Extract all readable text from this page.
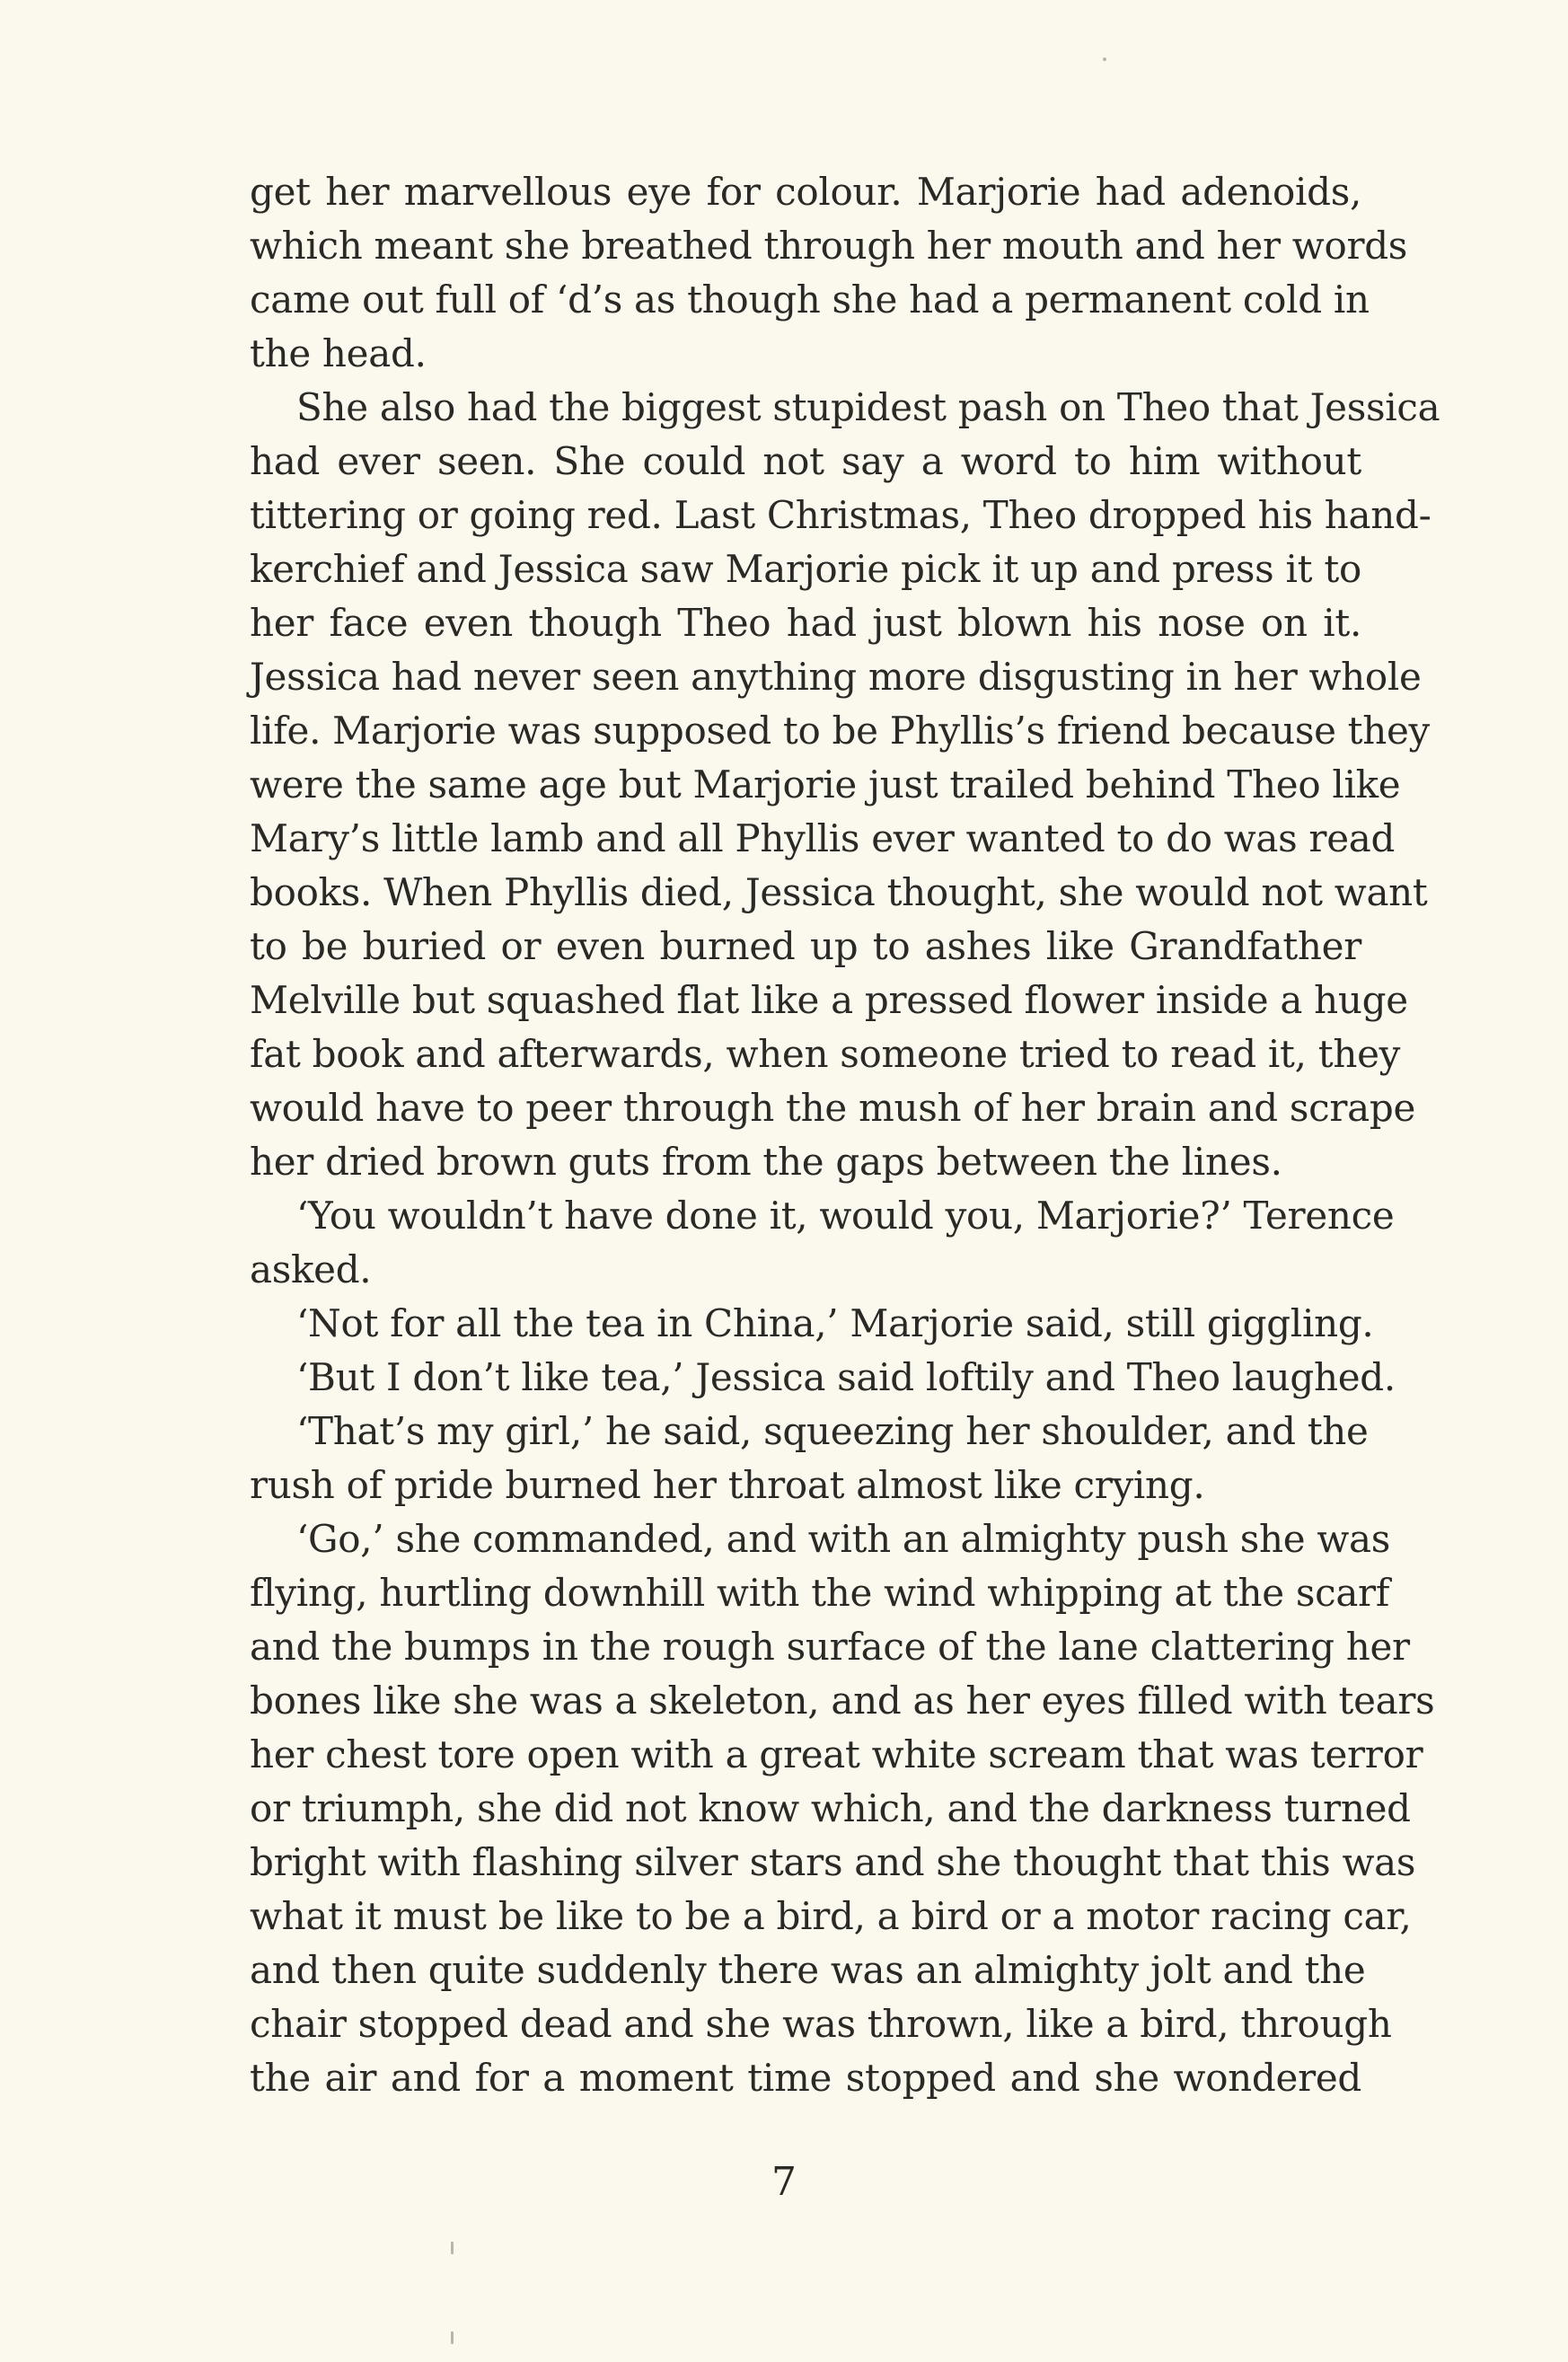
get her marvellous eye for colour. Marjorie had adenoids,
which meant she breathed through her mouth and her words
came out full of ‘d’s as though she had a permanent cold in
the head.
She also had the biggest stupidest pash on Theo that Jessica
had ever seen. She could not say a word to him without
tittering or going red. Last Christmas, Theo dropped his hand-
kerchief and Jessica saw Marjorie pick it up and press it to
her face even though Theo had just blown his nose on it.
Jessica had never seen anything more disgusting in her whole
life. Marjorie was supposed to be Phyllis’s friend because they
were the same age but Marjorie just trailed behind Theo like
Mary’s little lamb and all Phyllis ever wanted to do was read
books. When Phyllis died, Jessica thought, she would not want
to be buried or even burned up to ashes like Grandfather
Melville but squashed flat like a pressed flower inside a huge
fat book and afterwards, when someone tried to read it, they
would have to peer through the mush of her brain and scrape
her dried brown guts from the gaps between the lines.
‘You wouldn’t have done it, would you, Marjorie?’ Terence
asked.
‘Not for all the tea in China,’ Marjorie said, still giggling.
‘But I don’t like tea,’ Jessica said loftily and Theo laughed.
‘That’s my girl,’ he said, squeezing her shoulder, and the
rush of pride burned her throat almost like crying.
‘Go,’ she commanded, and with an almighty push she was
flying, hurtling downhill with the wind whipping at the scarf
and the bumps in the rough surface of the lane clattering her
bones like she was a skeleton, and as her eyes filled with tears
her chest tore open with a great white scream that was terror
or triumph, she did not know which, and the darkness turned
bright with flashing silver stars and she thought that this was
what it must be like to be a bird, a bird or a motor racing car,
and then quite suddenly there was an almighty jolt and the
chair stopped dead and she was thrown, like a bird, through
the air and for a moment time stopped and she wondered
7
